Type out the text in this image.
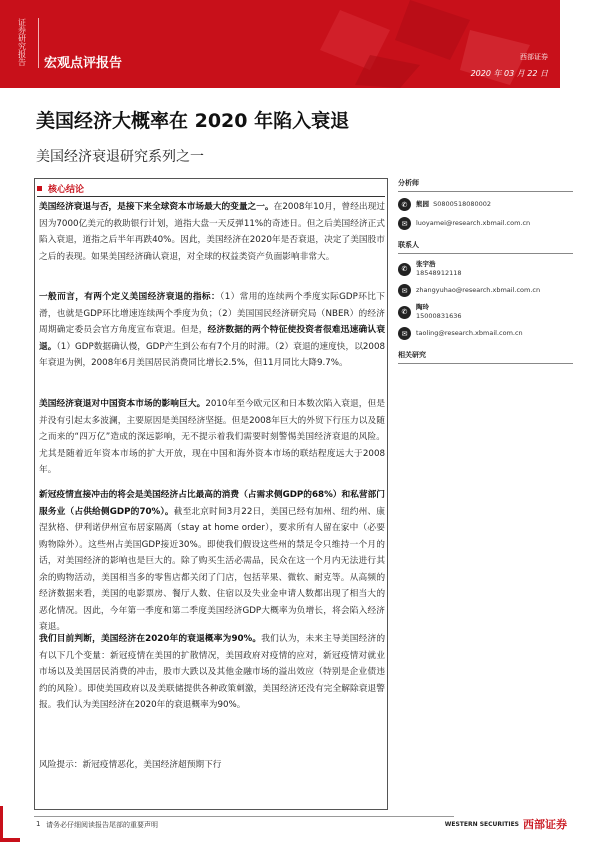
证券研究报告 宏观点评报告	西部证券
2020 年 03 月 22 日
美国经济大概率在 2020 年陷入衰退
美国经济衰退研究系列之一
核心结论
美国经济衰退与否，是接下来全球资本市场最大的变量之一。在2008年10月，曾经出现过因为7000亿美元的救助银行计划，道指大盘一天反弹11%的奇迹日。但之后美国经济正式陷入衰退，道指之后半年再跌40%。因此，美国经济在2020年是否衰退，决定了美国股市之后的表现。如果美国经济确认衰退，对全球的权益类资产负面影响非常大。
一般而言，有两个定义美国经济衰退的指标：（1）常用的连续两个季度实际GDP环比下滑，也就是GDP环比增速连续两个季度为负；（2）美国国民经济研究局（NBER）的经济周期确定委员会官方角度宣布衰退。但是，经济数据的两个特征使投资者很难迅速确认衰退。（1）GDP数据确认慢，GDP产生到公布有7个月的时滞。（2）衰退的速度快，以2008年衰退为例，2008年6月美国居民消费同比增长2.5%，但11月同比大降9.7%。
美国经济衰退对中国资本市场的影响巨大。2010年至今欧元区和日本数次陷入衰退，但是并没有引起太多波澜，主要原因是美国经济坚挺。但是2008年巨大的外贸下行压力以及随之而来的“四万亿”造成的深远影响，无不提示着我们需要时刻警惕美国经济衰退的风险。尤其是随着近年资本市场的扩大开放，现在中国和海外资本市场的联结程度远大于2008年。
新冠疫情直接冲击的将会是美国经济占比最高的消费（占需求侧GDP的68%）和私营部门服务业（占供给侧GDP的70%）。截至北京时间3月22日，美国已经有加州、纽约州、康涅狄格、伊利诺伊州宣布居家隔离（stay at home order），要求所有人留在家中（必要购物除外）。这些州占美国GDP接近30%。即使我们假设这些州的禁足令只维持一个月的话，对美国经济的影响也是巨大的。除了购买生活必需品，民众在这一个月内无法进行其余的购物活动，美国相当多的零售店都关闭了门店，包括苹果、微软、耐克等。从高频的经济数据来看，美国的电影票房、餐厅人数、住宿以及失业金申请人数都出现了相当大的恶化情况。因此，今年第一季度和第二季度美国经济GDP大概率为负增长，将会陷入经济衰退。
我们目前判断，美国经济在2020年的衰退概率为90%。我们认为，未来主导美国经济的有以下几个变量：新冠疫情在美国的扩散情况，美国政府对疫情的应对，新冠疫情对就业市场以及美国居民消费的冲击，股市大跌以及其他金融市场的溢出效应（特别是企业债违约的风险）。即使美国政府以及美联储提供各种政策刺激，美国经济还没有完全解除衰退警报。我们认为美国经济在2020年的衰退概率为90%。
风险提示：新冠疫情恶化，美国经济超预期下行
分析师
✆	熊园 S0800518080002
✉	luoyamei@research.xbmail.com.cn
联系人
✆
张宇浩
18548912118
✉	zhangyuhao@research.xbmail.com.cn
✆
陶玲
15000831636
✉	taoling@research.xbmail.com.cn
相关研究
1 请务必仔细阅读报告尾部的重要声明	WESTERN SECURITIES 西部证券
